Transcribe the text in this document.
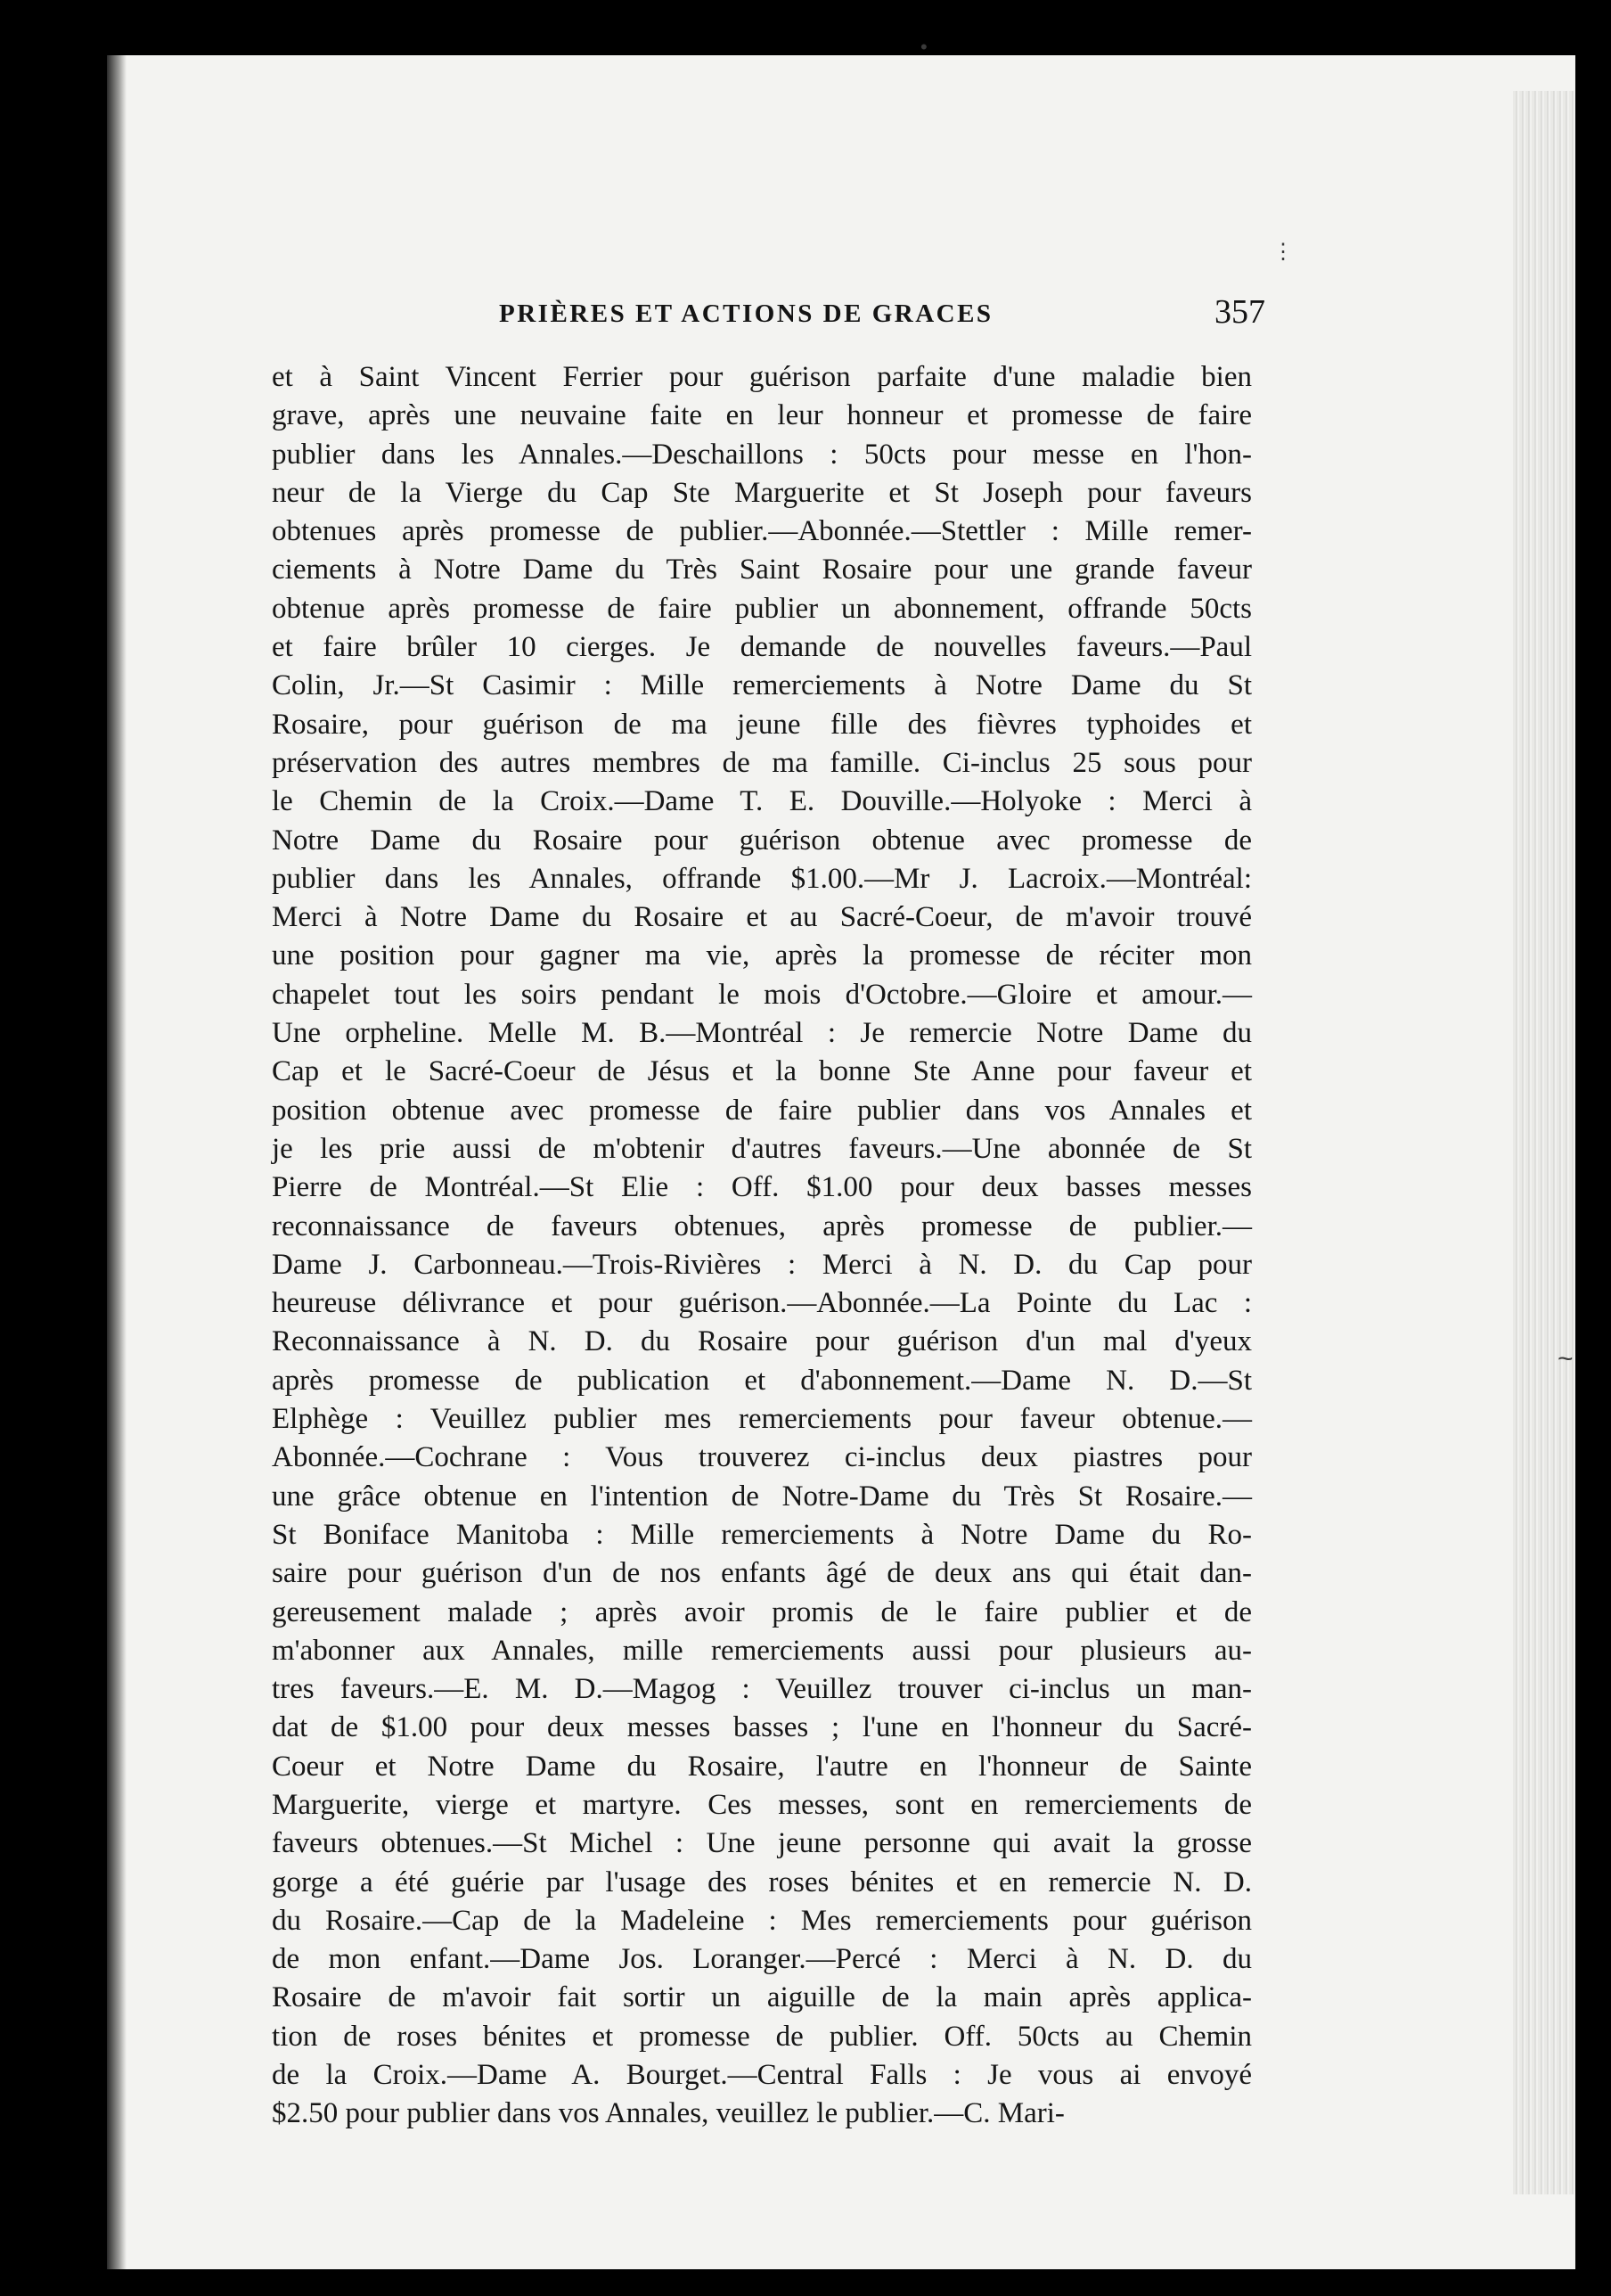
PRIÈRES ET ACTIONS DE GRACES	357
et à Saint Vincent Ferrier pour guérison parfaite d'une maladie bien
grave, après une neuvaine faite en leur honneur et promesse de faire
publier dans les Annales.—Deschaillons : 50cts pour messe en l'hon-
neur de la Vierge du Cap Ste Marguerite et St Joseph pour faveurs
obtenues après promesse de publier.—Abonnée.—Stettler : Mille remer-
ciements à Notre Dame du Très Saint Rosaire pour une grande faveur
obtenue après promesse de faire publier un abonnement, offrande 50cts
et faire brûler 10 cierges. Je demande de nouvelles faveurs.—Paul
Colin, Jr.—St Casimir : Mille remerciements à Notre Dame du St
Rosaire, pour guérison de ma jeune fille des fièvres typhoides et
préservation des autres membres de ma famille. Ci-inclus 25 sous pour
le Chemin de la Croix.—Dame T. E. Douville.—Holyoke : Merci à
Notre Dame du Rosaire pour guérison obtenue avec promesse de
publier dans les Annales, offrande $1.00.—Mr J. Lacroix.—Montréal:
Merci à Notre Dame du Rosaire et au Sacré-Coeur, de m'avoir trouvé
une position pour gagner ma vie, après la promesse de réciter mon
chapelet tout les soirs pendant le mois d'Octobre.—Gloire et amour.—
Une orpheline. Melle M. B.—Montréal : Je remercie Notre Dame du
Cap et le Sacré-Coeur de Jésus et la bonne Ste Anne pour faveur et
position obtenue avec promesse de faire publier dans vos Annales et
je les prie aussi de m'obtenir d'autres faveurs.—Une abonnée de St
Pierre de Montréal.—St Elie : Off. $1.00 pour deux basses messes
reconnaissance de faveurs obtenues, après promesse de publier.—
Dame J. Carbonneau.—Trois-Rivières : Merci à N. D. du Cap pour
heureuse délivrance et pour guérison.—Abonnée.—La Pointe du Lac :
Reconnaissance à N. D. du Rosaire pour guérison d'un mal d'yeux
après promesse de publication et d'abonnement.—Dame N. D.—St
Elphège : Veuillez publier mes remerciements pour faveur obtenue.—
Abonnée.—Cochrane : Vous trouverez ci-inclus deux piastres pour
une grâce obtenue en l'intention de Notre-Dame du Très St Rosaire.—
St Boniface Manitoba : Mille remerciements à Notre Dame du Ro-
saire pour guérison d'un de nos enfants âgé de deux ans qui était dan-
gereusement malade ; après avoir promis de le faire publier et de
m'abonner aux Annales, mille remerciements aussi pour plusieurs au-
tres faveurs.—E. M. D.—Magog : Veuillez trouver ci-inclus un man-
dat de $1.00 pour deux messes basses ; l'une en l'honneur du Sacré-
Coeur et Notre Dame du Rosaire, l'autre en l'honneur de Sainte
Marguerite, vierge et martyre. Ces messes, sont en remerciements de
faveurs obtenues.—St Michel : Une jeune personne qui avait la grosse
gorge a été guérie par l'usage des roses bénites et en remercie N. D.
du Rosaire.—Cap de la Madeleine : Mes remerciements pour guérison
de mon enfant.—Dame Jos. Loranger.—Percé : Merci à N. D. du
Rosaire de m'avoir fait sortir un aiguille de la main après applica-
tion de roses bénites et promesse de publier. Off. 50cts au Chemin
de la Croix.—Dame A. Bourget.—Central Falls : Je vous ai envoyé
$2.50 pour publier dans vos Annales, veuillez le publier.—C. Mari-
•
⋮
~
